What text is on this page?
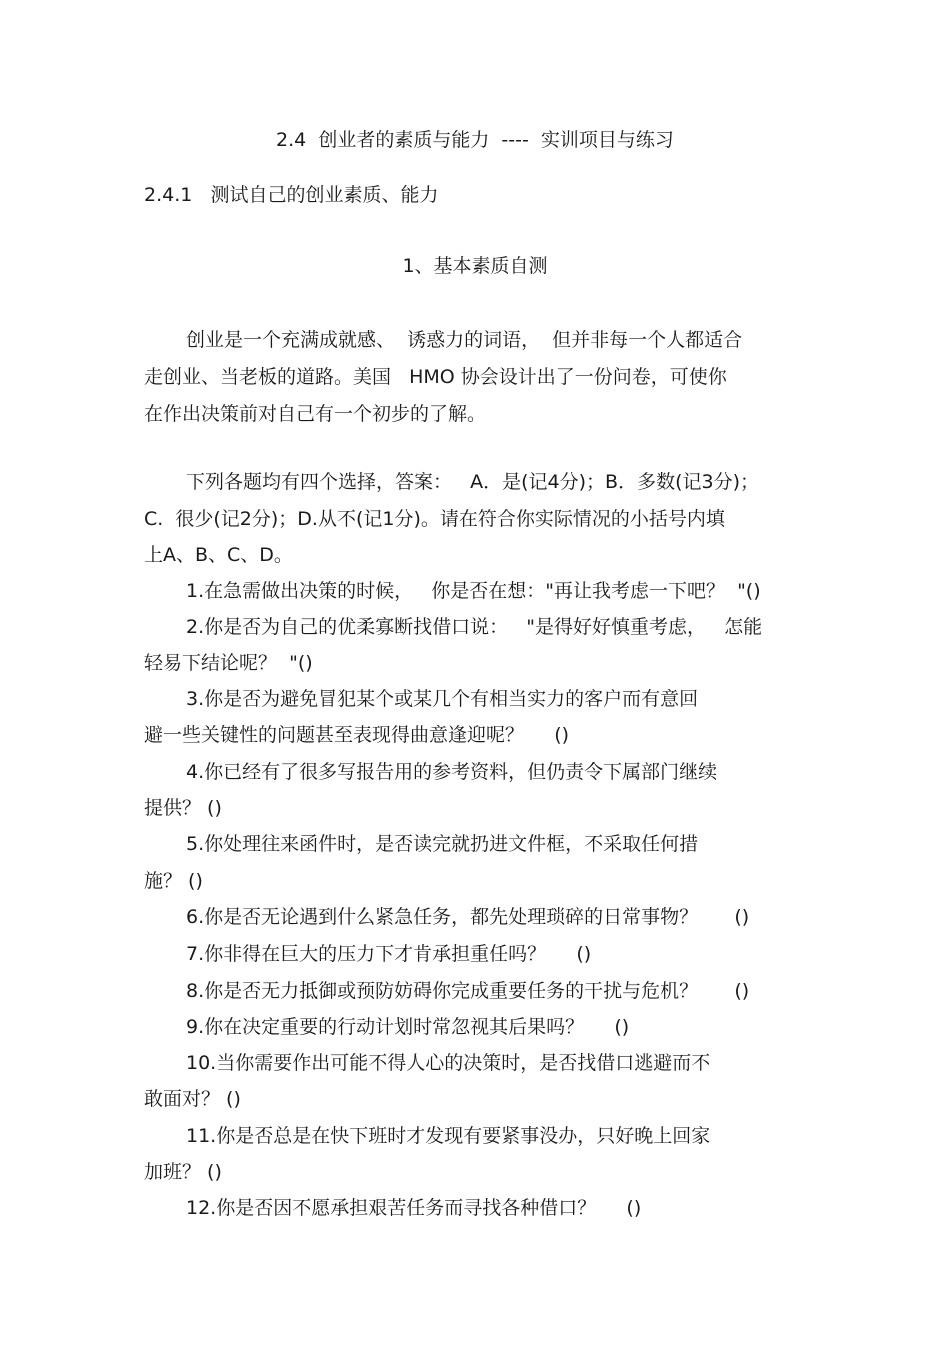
2.4  创业者的素质与能力  ----  实训项目与练习
2.4.1   测试自己的创业素质、能力
1、基本素质自测
创业是一个充满成就感、  诱惑力的词语，  但并非每一个人都适合
走创业、当老板的道路。美国   HMO 协会设计出了一份问卷，可使你
在作出决策前对自己有一个初步的了解。
下列各题均有四个选择，答案：   A．是(记4分)；B．多数(记3分)；
C.  很少(记2分)；D.从不(记1分)。请在符合你实际情况的小括号内填
上A、B、C、D。
1.在急需做出决策的时候，   你是否在想："再让我考虑一下吧？  "()
2.你是否为自己的优柔寡断找借口说：   "是得好好慎重考虑，   怎能
轻易下结论呢？  "()
3.你是否为避免冒犯某个或某几个有相当实力的客户而有意回
避一些关键性的问题甚至表现得曲意逢迎呢？     ()
4.你已经有了很多写报告用的参考资料，但仍责令下属部门继续
提供？ ()
5.你处理往来函件时，是否读完就扔进文件框，不采取任何措
施？ ()
6.你是否无论遇到什么紧急任务，都先处理琐碎的日常事物？      ()
7.你非得在巨大的压力下才肯承担重任吗？     ()
8.你是否无力抵御或预防妨碍你完成重要任务的干扰与危机？      ()
9.你在决定重要的行动计划时常忽视其后果吗？     ()
10.当你需要作出可能不得人心的决策时，是否找借口逃避而不
敢面对？ ()
11.你是否总是在快下班时才发现有要紧事没办，只好晚上回家
加班？ ()
12.你是否因不愿承担艰苦任务而寻找各种借口？     ()
